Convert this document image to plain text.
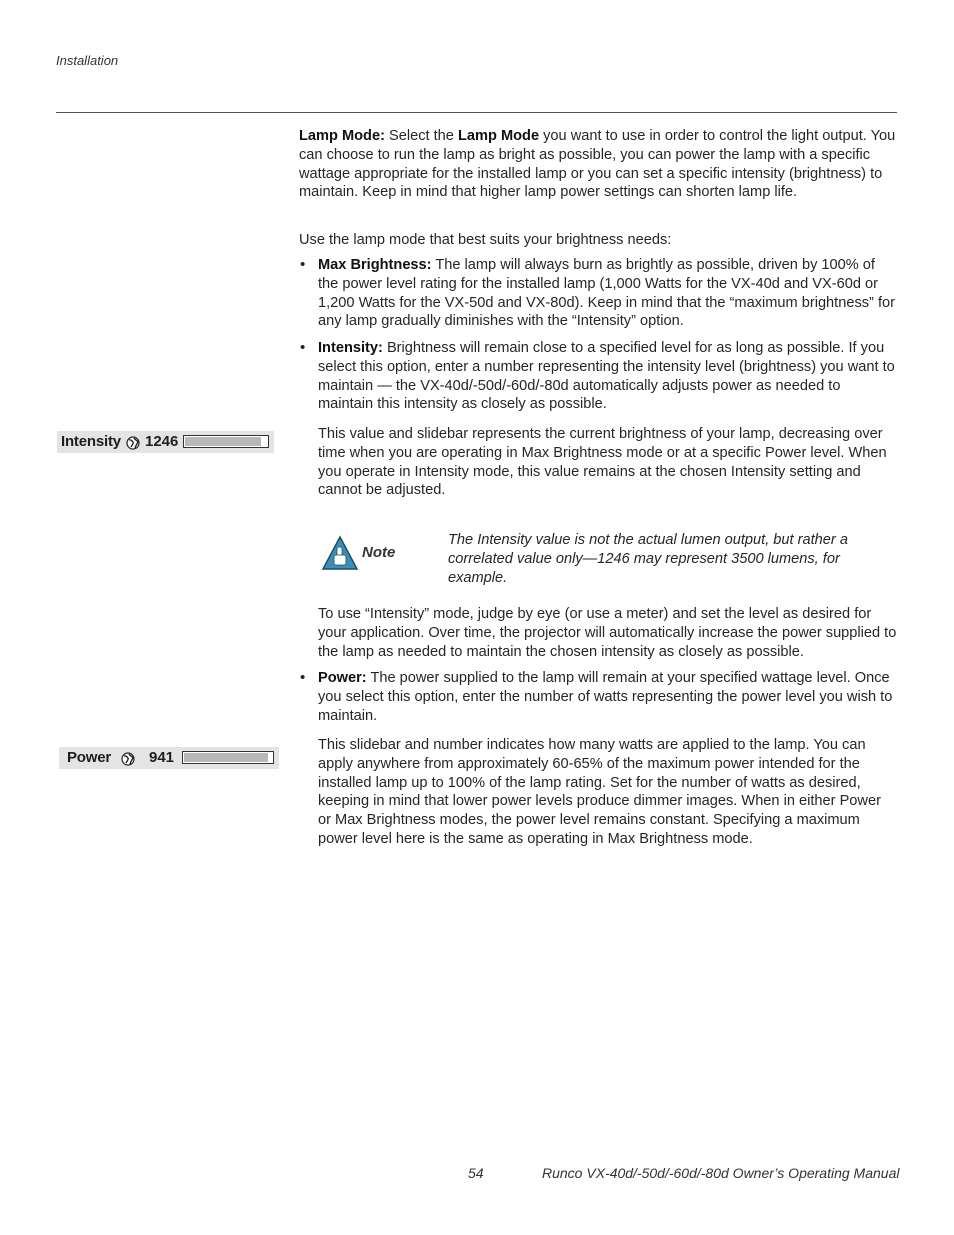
Installation

Lamp Mode: Select the Lamp Mode you want to use in order to control the light output. You can choose to run the lamp as bright as possible, you can power the lamp with a specific wattage appropriate for the installed lamp or you can set a specific intensity (brightness) to maintain. Keep in mind that higher lamp power settings can shorten lamp life.

Use the lamp mode that best suits your brightness needs:

• Max Brightness: The lamp will always burn as brightly as possible, driven by 100% of the power level rating for the installed lamp (1,000 Watts for the VX-40d and VX-60d or 1,200 Watts for the VX-50d and VX-80d). Keep in mind that the “maximum brightness” for any lamp gradually diminishes with the “Intensity” option.

• Intensity: Brightness will remain close to a specified level for as long as possible. If you select this option, enter a number representing the intensity level (brightness) you want to maintain — the VX-40d/-50d/-60d/-80d automatically adjusts power as needed to maintain this intensity as closely as possible.

Intensity 1246	This value and slidebar represents the current brightness of your lamp, decreasing over time when you are operating in Max Brightness mode or at a specific Power level. When you operate in Intensity mode, this value remains at the chosen Intensity setting and cannot be adjusted.

Note
The Intensity value is not the actual lumen output, but rather a correlated value only—1246 may represent 3500 lumens, for example.

To use “Intensity” mode, judge by eye (or use a meter) and set the level as desired for your application. Over time, the projector will automatically increase the power supplied to the lamp as needed to maintain the chosen intensity as closely as possible.

• Power: The power supplied to the lamp will remain at your specified wattage level. Once you select this option, enter the number of watts representing the power level you wish to maintain.

Power	941

This slidebar and number indicates how many watts are applied to the lamp. You can apply anywhere from approximately 60-65% of the maximum power intended for the installed lamp up to 100% of the lamp rating. Set for the number of watts as desired, keeping in mind that lower power levels produce dimmer images. When in either Power or Max Brightness modes, the power level remains constant. Specifying a maximum power level here is the same as operating in Max Brightness mode.

54	Runco VX-40d/-50d/-60d/-80d Owner’s Operating Manual
